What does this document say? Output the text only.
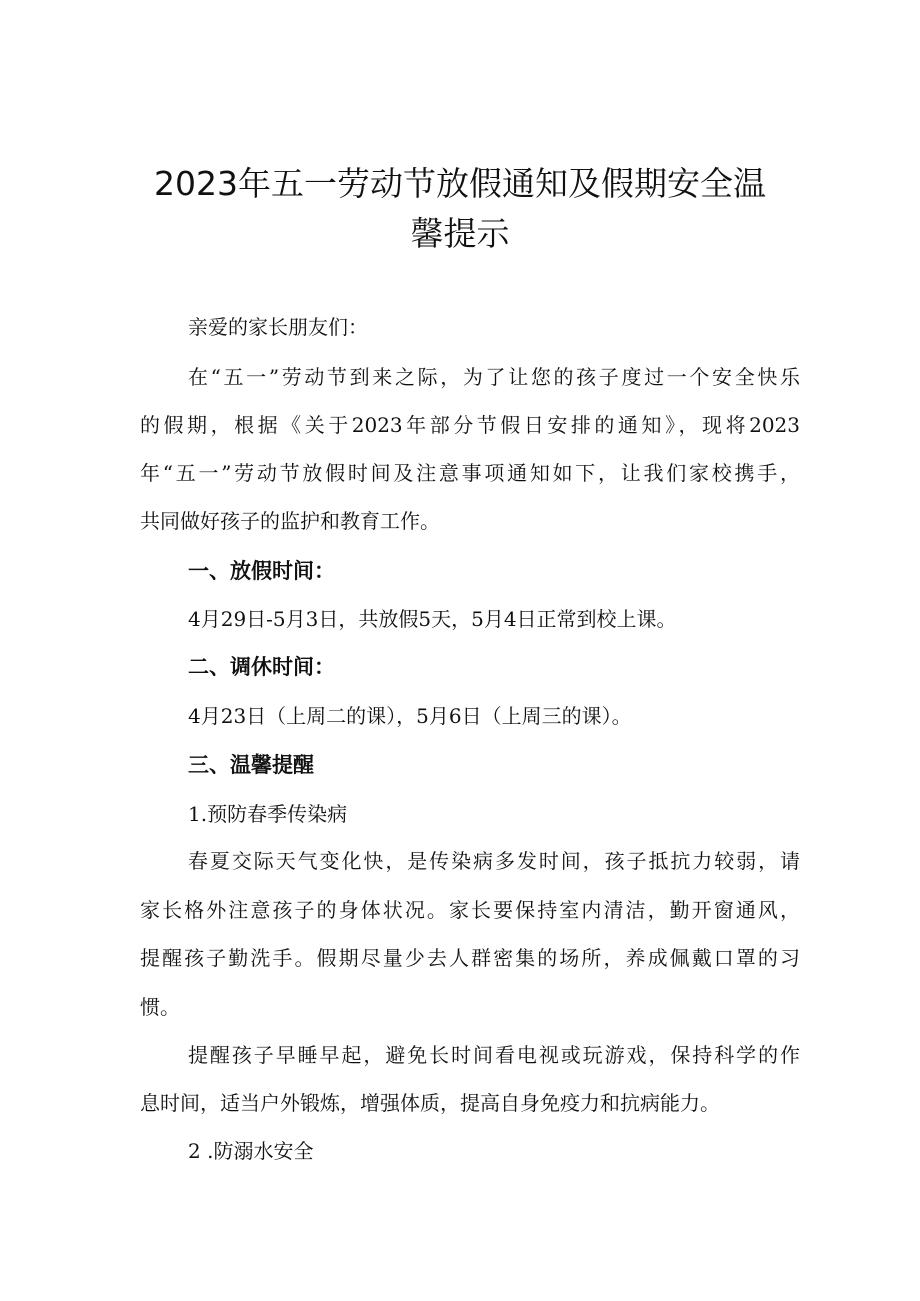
2023年五一劳动节放假通知及假期安全温
馨提示

亲爱的家长朋友们：

在“五一”劳动节到来之际，为了让您的孩子度过一个安全快乐

的假期，根据《关于2023年部分节假日安排的通知》，现将2023

年“五一”劳动节放假时间及注意事项通知如下，让我们家校携手，

共同做好孩子的监护和教育工作。

一、放假时间：

4月29日-5月3日，共放假5天，5月4日正常到校上课。

二、调休时间：

4月23日（上周二的课），5月6日（上周三的课）。

三、温馨提醒

1.预防春季传染病

春夏交际天气变化快，是传染病多发时间，孩子抵抗力较弱，请

家长格外注意孩子的身体状况。家长要保持室内清洁，勤开窗通风，

提醒孩子勤洗手。假期尽量少去人群密集的场所，养成佩戴口罩的习

惯。

提醒孩子早睡早起，避免长时间看电视或玩游戏，保持科学的作

息时间，适当户外锻炼，增强体质，提高自身免疫力和抗病能力。

2 .防溺水安全
